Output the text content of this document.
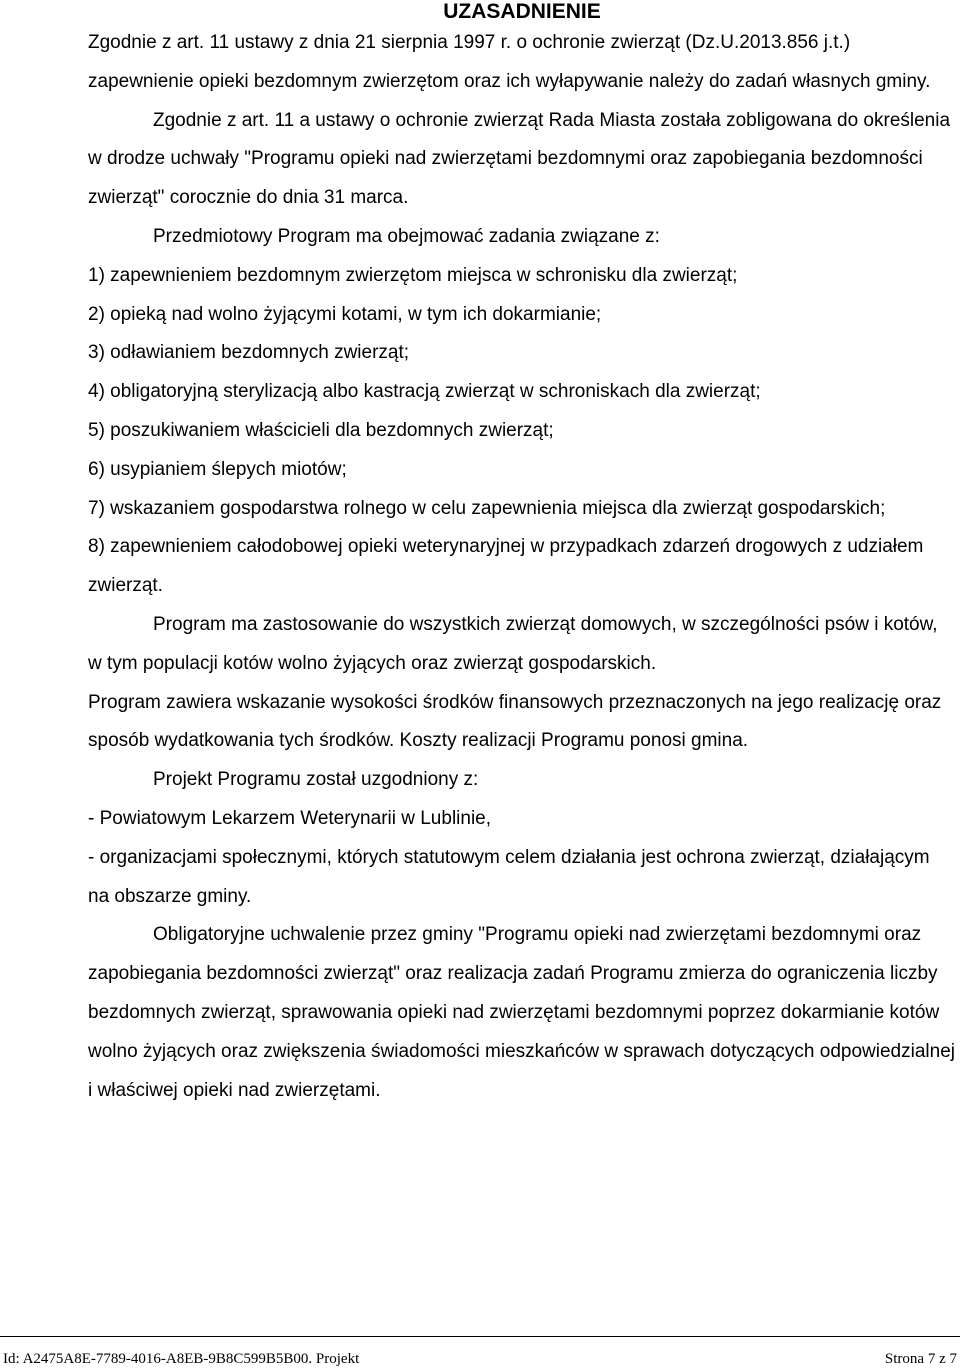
UZASADNIENIE

Zgodnie z art. 11 ustawy z dnia 21 sierpnia 1997 r. o ochronie zwierząt (Dz.U.2013.856 j.t.) zapewnienie opieki bezdomnym zwierzętom oraz ich wyłapywanie należy do zadań własnych gminy.

Zgodnie z art. 11 a ustawy o ochronie zwierząt Rada Miasta została zobligowana do określenia w drodze uchwały "Programu opieki nad zwierzętami bezdomnymi oraz zapobiegania bezdomności zwierząt" corocznie do dnia 31 marca.

Przedmiotowy Program ma obejmować zadania związane z:

1) zapewnieniem bezdomnym zwierzętom miejsca w schronisku dla zwierząt;

2) opieką nad wolno żyjącymi kotami, w tym ich dokarmianie;

3) odławianiem bezdomnych zwierząt;

4) obligatoryjną sterylizacją albo kastracją zwierząt w schroniskach dla zwierząt;

5) poszukiwaniem właścicieli dla bezdomnych zwierząt;

6) usypianiem ślepych miotów;

7) wskazaniem gospodarstwa rolnego w celu zapewnienia miejsca dla zwierząt gospodarskich;

8) zapewnieniem całodobowej opieki weterynaryjnej w przypadkach zdarzeń drogowych z udziałem zwierząt.

Program ma zastosowanie do wszystkich zwierząt domowych, w szczególności psów i kotów, w tym populacji kotów wolno żyjących oraz zwierząt gospodarskich.

Program zawiera wskazanie wysokości środków finansowych przeznaczonych na jego realizację oraz sposób wydatkowania tych środków. Koszty realizacji Programu ponosi gmina.

Projekt Programu został uzgodniony z:

- Powiatowym Lekarzem Weterynarii w Lublinie,

- organizacjami społecznymi, których statutowym celem działania jest ochrona zwierząt, działającym na obszarze gminy.

Obligatoryjne uchwalenie przez gminy "Programu opieki nad zwierzętami bezdomnymi oraz zapobiegania bezdomności zwierząt" oraz realizacja zadań Programu zmierza do ograniczenia liczby bezdomnych zwierząt, sprawowania opieki nad zwierzętami bezdomnymi poprzez dokarmianie kotów wolno żyjących oraz zwiększenia świadomości mieszkańców w sprawach dotyczących odpowiedzialnej i właściwej opieki nad zwierzętami.

Id: A2475A8E-7789-4016-A8EB-9B8C599B5B00. Projekt	Strona 7 z 7
